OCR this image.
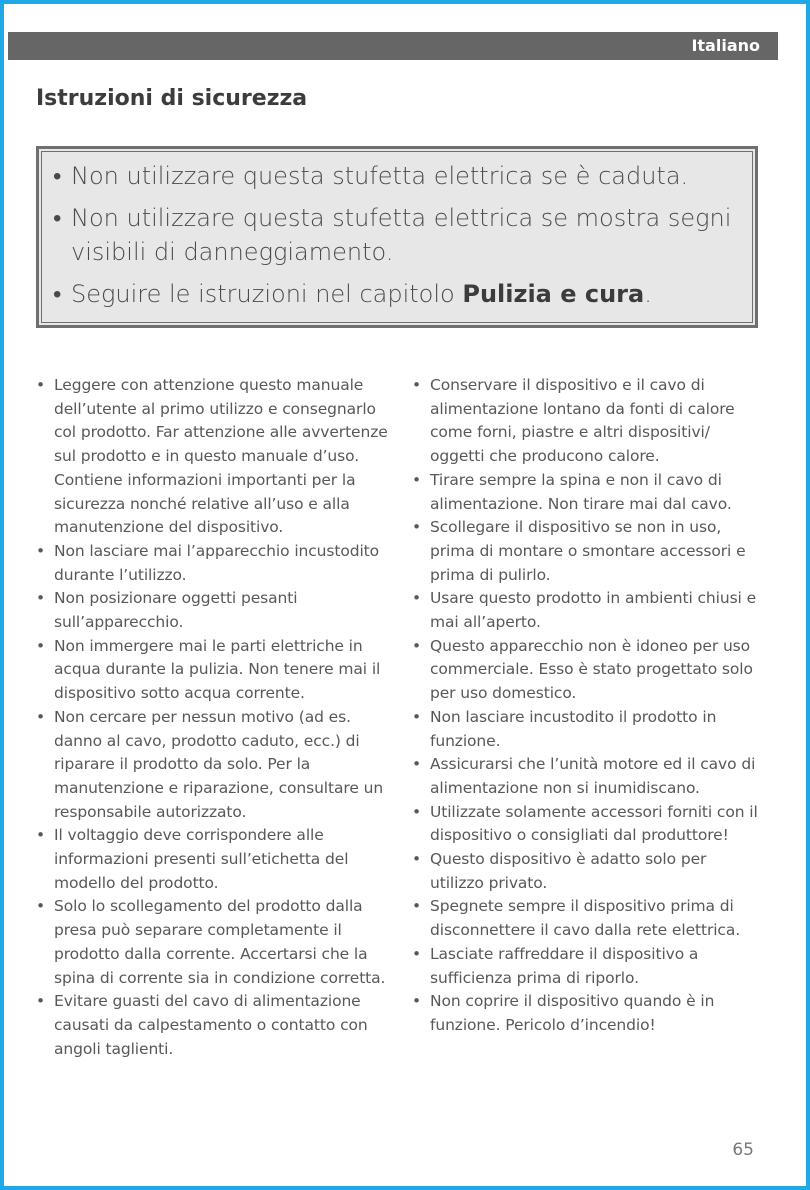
Italiano
Istruzioni di sicurezza
• Non utilizzare questa stufetta elettrica se è caduta.
• Non utilizzare questa stufetta elettrica se mostra segni visibili di danneggiamento.
• Seguire le istruzioni nel capitolo Pulizia e cura.
• Leggere con attenzione questo manuale dell’utente al primo utilizzo e consegnarlo col prodotto. Far attenzione alle avvertenze sul prodotto e in questo manuale d’uso. Contiene informazioni importanti per la sicurezza nonché relative all’uso e alla manutenzione del dispositivo.
• Non lasciare mai l’apparecchio incustodito durante l’utilizzo.
• Non posizionare oggetti pesanti sull’apparecchio.
• Non immergere mai le parti elettriche in acqua durante la pulizia. Non tenere mai il dispositivo sotto acqua corrente.
• Non cercare per nessun motivo (ad es. danno al cavo, prodotto caduto, ecc.) di riparare il prodotto da solo. Per la manutenzione e riparazione, consultare un responsabile autorizzato.
• Il voltaggio deve corrispondere alle informazioni presenti sull’etichetta del modello del prodotto.
• Solo lo scollegamento del prodotto dalla presa può separare completamente il prodotto dalla corrente. Accertarsi che la spina di corrente sia in condizione corretta.
• Evitare guasti del cavo di alimentazione causati da calpestamento o contatto con angoli taglienti.
• Conservare il dispositivo e il cavo di alimentazione lontano da fonti di calore come forni, piastre e altri dispositivi/ oggetti che producono calore.
• Tirare sempre la spina e non il cavo di alimentazione. Non tirare mai dal cavo.
• Scollegare il dispositivo se non in uso, prima di montare o smontare accessori e prima di pulirlo.
• Usare questo prodotto in ambienti chiusi e mai all’aperto.
• Questo apparecchio non è idoneo per uso commerciale. Esso è stato progettato solo per uso domestico.
• Non lasciare incustodito il prodotto in funzione.
• Assicurarsi che l’unità motore ed il cavo di alimentazione non si inumidiscano.
• Utilizzate solamente accessori forniti con il dispositivo o consigliati dal produttore!
• Questo dispositivo è adatto solo per utilizzo privato.
• Spegnete sempre il dispositivo prima di disconnettere il cavo dalla rete elettrica.
• Lasciate raffreddare il dispositivo a sufficienza prima di riporlo.
• Non coprire il dispositivo quando è in funzione. Pericolo d’incendio!
65
